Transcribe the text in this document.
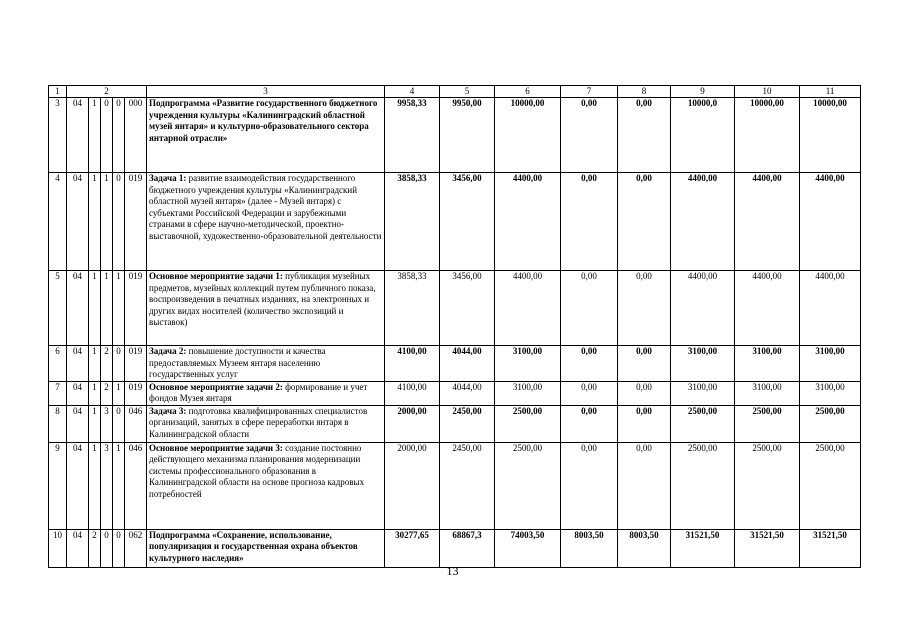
1	2					3	4	5	6	7	8	9	10	11
3	04	1	0	0	000	Подпрограмма «Развитие государственного бюджетного учреждения культуры «Калининградский областной музей янтаря» и культурно-образовательного сектора янтарной отрасли»	9958,33	9950,00	10000,00	0,00	0,00	10000,0	10000,00	10000,00
4	04	1	1	0	019	Задача 1: развитие взаимодействия государственного бюджетного учреждения культуры «Калининградский областной музей янтаря» (далее - Музей янтаря) с субъектами Российской Федерации и зарубежными странами в сфере научно-методической, проектно-выставочной, художественно-образовательной деятельности	3858,33	3456,00	4400,00	0,00	0,00	4400,00	4400,00	4400,00
5	04	1	1	1	019	Основное мероприятие задачи 1: публикация музейных предметов, музейных коллекций путем публичного показа, воспроизведения в печатных изданиях, на электронных и других видах носителей (количество экспозиций и выставок)	3858,33	3456,00	4400,00	0,00	0,00	4400,00	4400,00	4400,00
6	04	1	2	0	019	Задача 2: повышение доступности и качества предоставляемых Музеем янтаря населению государственных услуг	4100,00	4044,00	3100,00	0,00	0,00	3100,00	3100,00	3100,00
7	04	1	2	1	019	Основное мероприятие задачи 2: формирование и учет фондов Музея янтаря	4100,00	4044,00	3100,00	0,00	0,00	3100,00	3100,00	3100,00
8	04	1	3	0	046	Задача 3: подготовка квалифицированных специалистов организаций, занятых в сфере переработки янтаря в Калининградской области	2000,00	2450,00	2500,00	0,00	0,00	2500,00	2500,00	2500,00
9	04	1	3	1	046	Основное мероприятие задачи 3: создание постоянно действующего механизма планирования модернизации системы профессионального образования в Калининградской области на основе прогноза кадровых потребностей	2000,00	2450,00	2500,00	0,00	0,00	2500,00	2500,00	2500,00
10	04	2	0	0	062	Подпрограмма «Сохранение, использование, популяризация и государственная охрана объектов культурного наследия»	30277,65	68867,3	74003,50	8003,50	8003,50	31521,50	31521,50	31521,50
13
